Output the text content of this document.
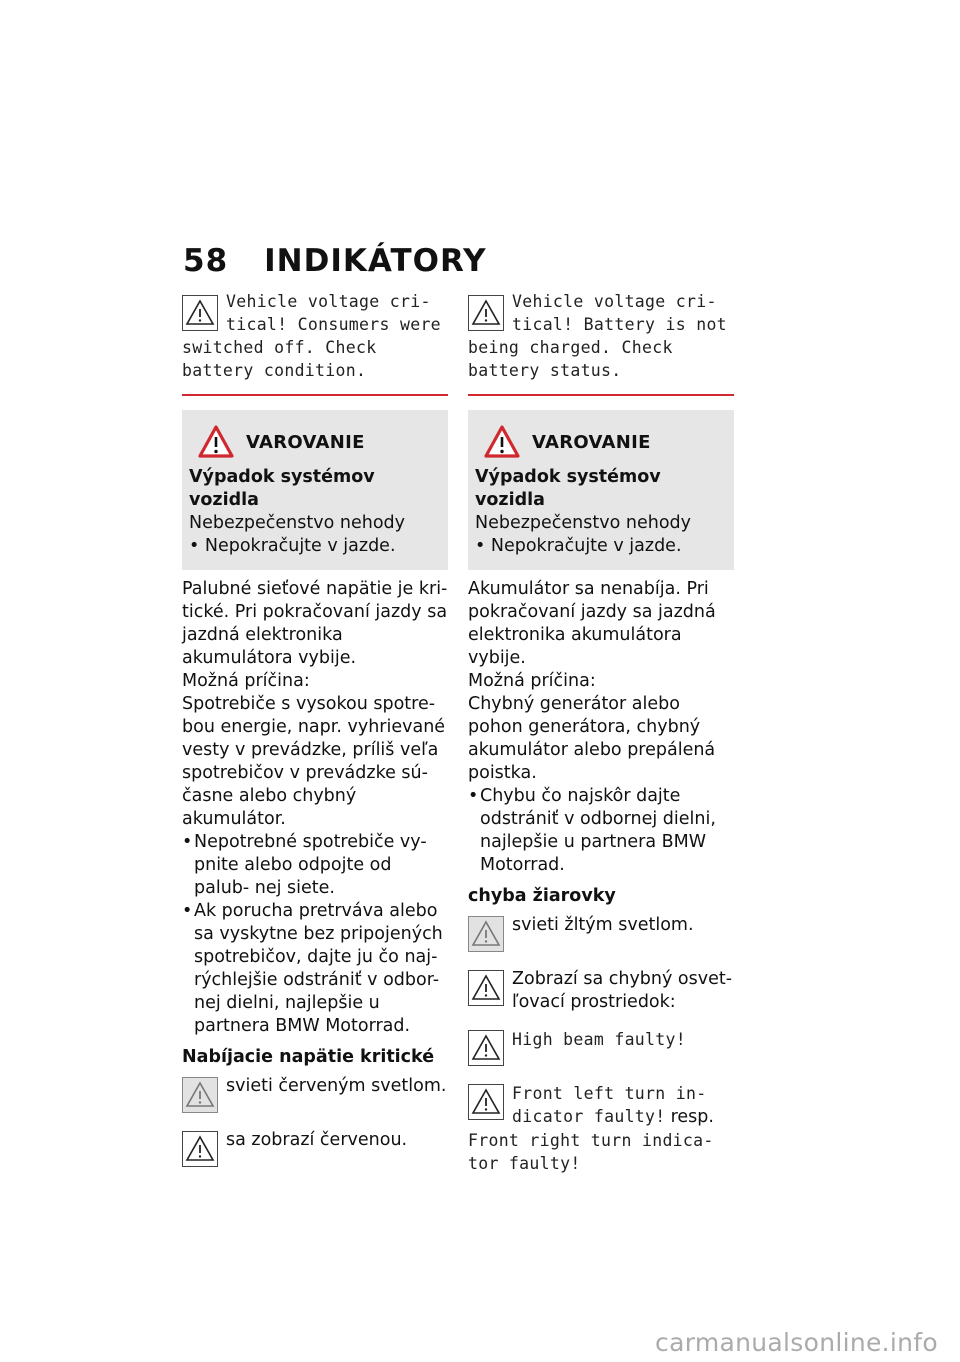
58 INDIKÁTORY
Vehicle voltage cri- tical! Consumers were switched off. Check battery condition.
VAROVANIE
Výpadok systémov vozidla
Nebezpečenstvo nehody
• Nepokračujte v jazde.
Palubné sieťové napätie je kri- tické. Pri pokračovaní jazdy sa jazdná elektronika akumulátora vybije.
Možná príčina:
Spotrebiče s vysokou spotre- bou energie, napr. vyhrievané vesty v prevádzke, príliš veľa spotrebičov v prevádzke sú- časne alebo chybný akumulátor.
• Nepotrebné spotrebiče vy- pnite alebo odpojte od palub- nej siete.
• Ak porucha pretrváva alebo sa vyskytne bez pripojených spotrebičov, dajte ju čo naj- rýchlejšie odstrániť v odbor- nej dielni, najlepšie u partnera BMW Motorrad.
Nabíjacie napätie kritické
svieti červeným svetlom.
sa zobrazí červenou.
Vehicle voltage cri- tical! Battery is not being charged. Check battery status.
VAROVANIE
Výpadok systémov vozidla
Nebezpečenstvo nehody
• Nepokračujte v jazde.
Akumulátor sa nenabíja. Pri pokračovaní jazdy sa jazdná elektronika akumulátora vybije.
Možná príčina:
Chybný generátor alebo pohon generátora, chybný akumulátor alebo prepálená poistka.
• Chybu čo najskôr dajte odstrániť v odbornej dielni, najlepšie u partnera BMW Motorrad.
chyba žiarovky
svieti žltým svetlom.
Zobrazí sa chybný osvet- ľovací prostriedok:
High beam faulty!
Front left turn in- dicator faulty! resp. Front right turn indica- tor faulty!
carmanualsonline.info
